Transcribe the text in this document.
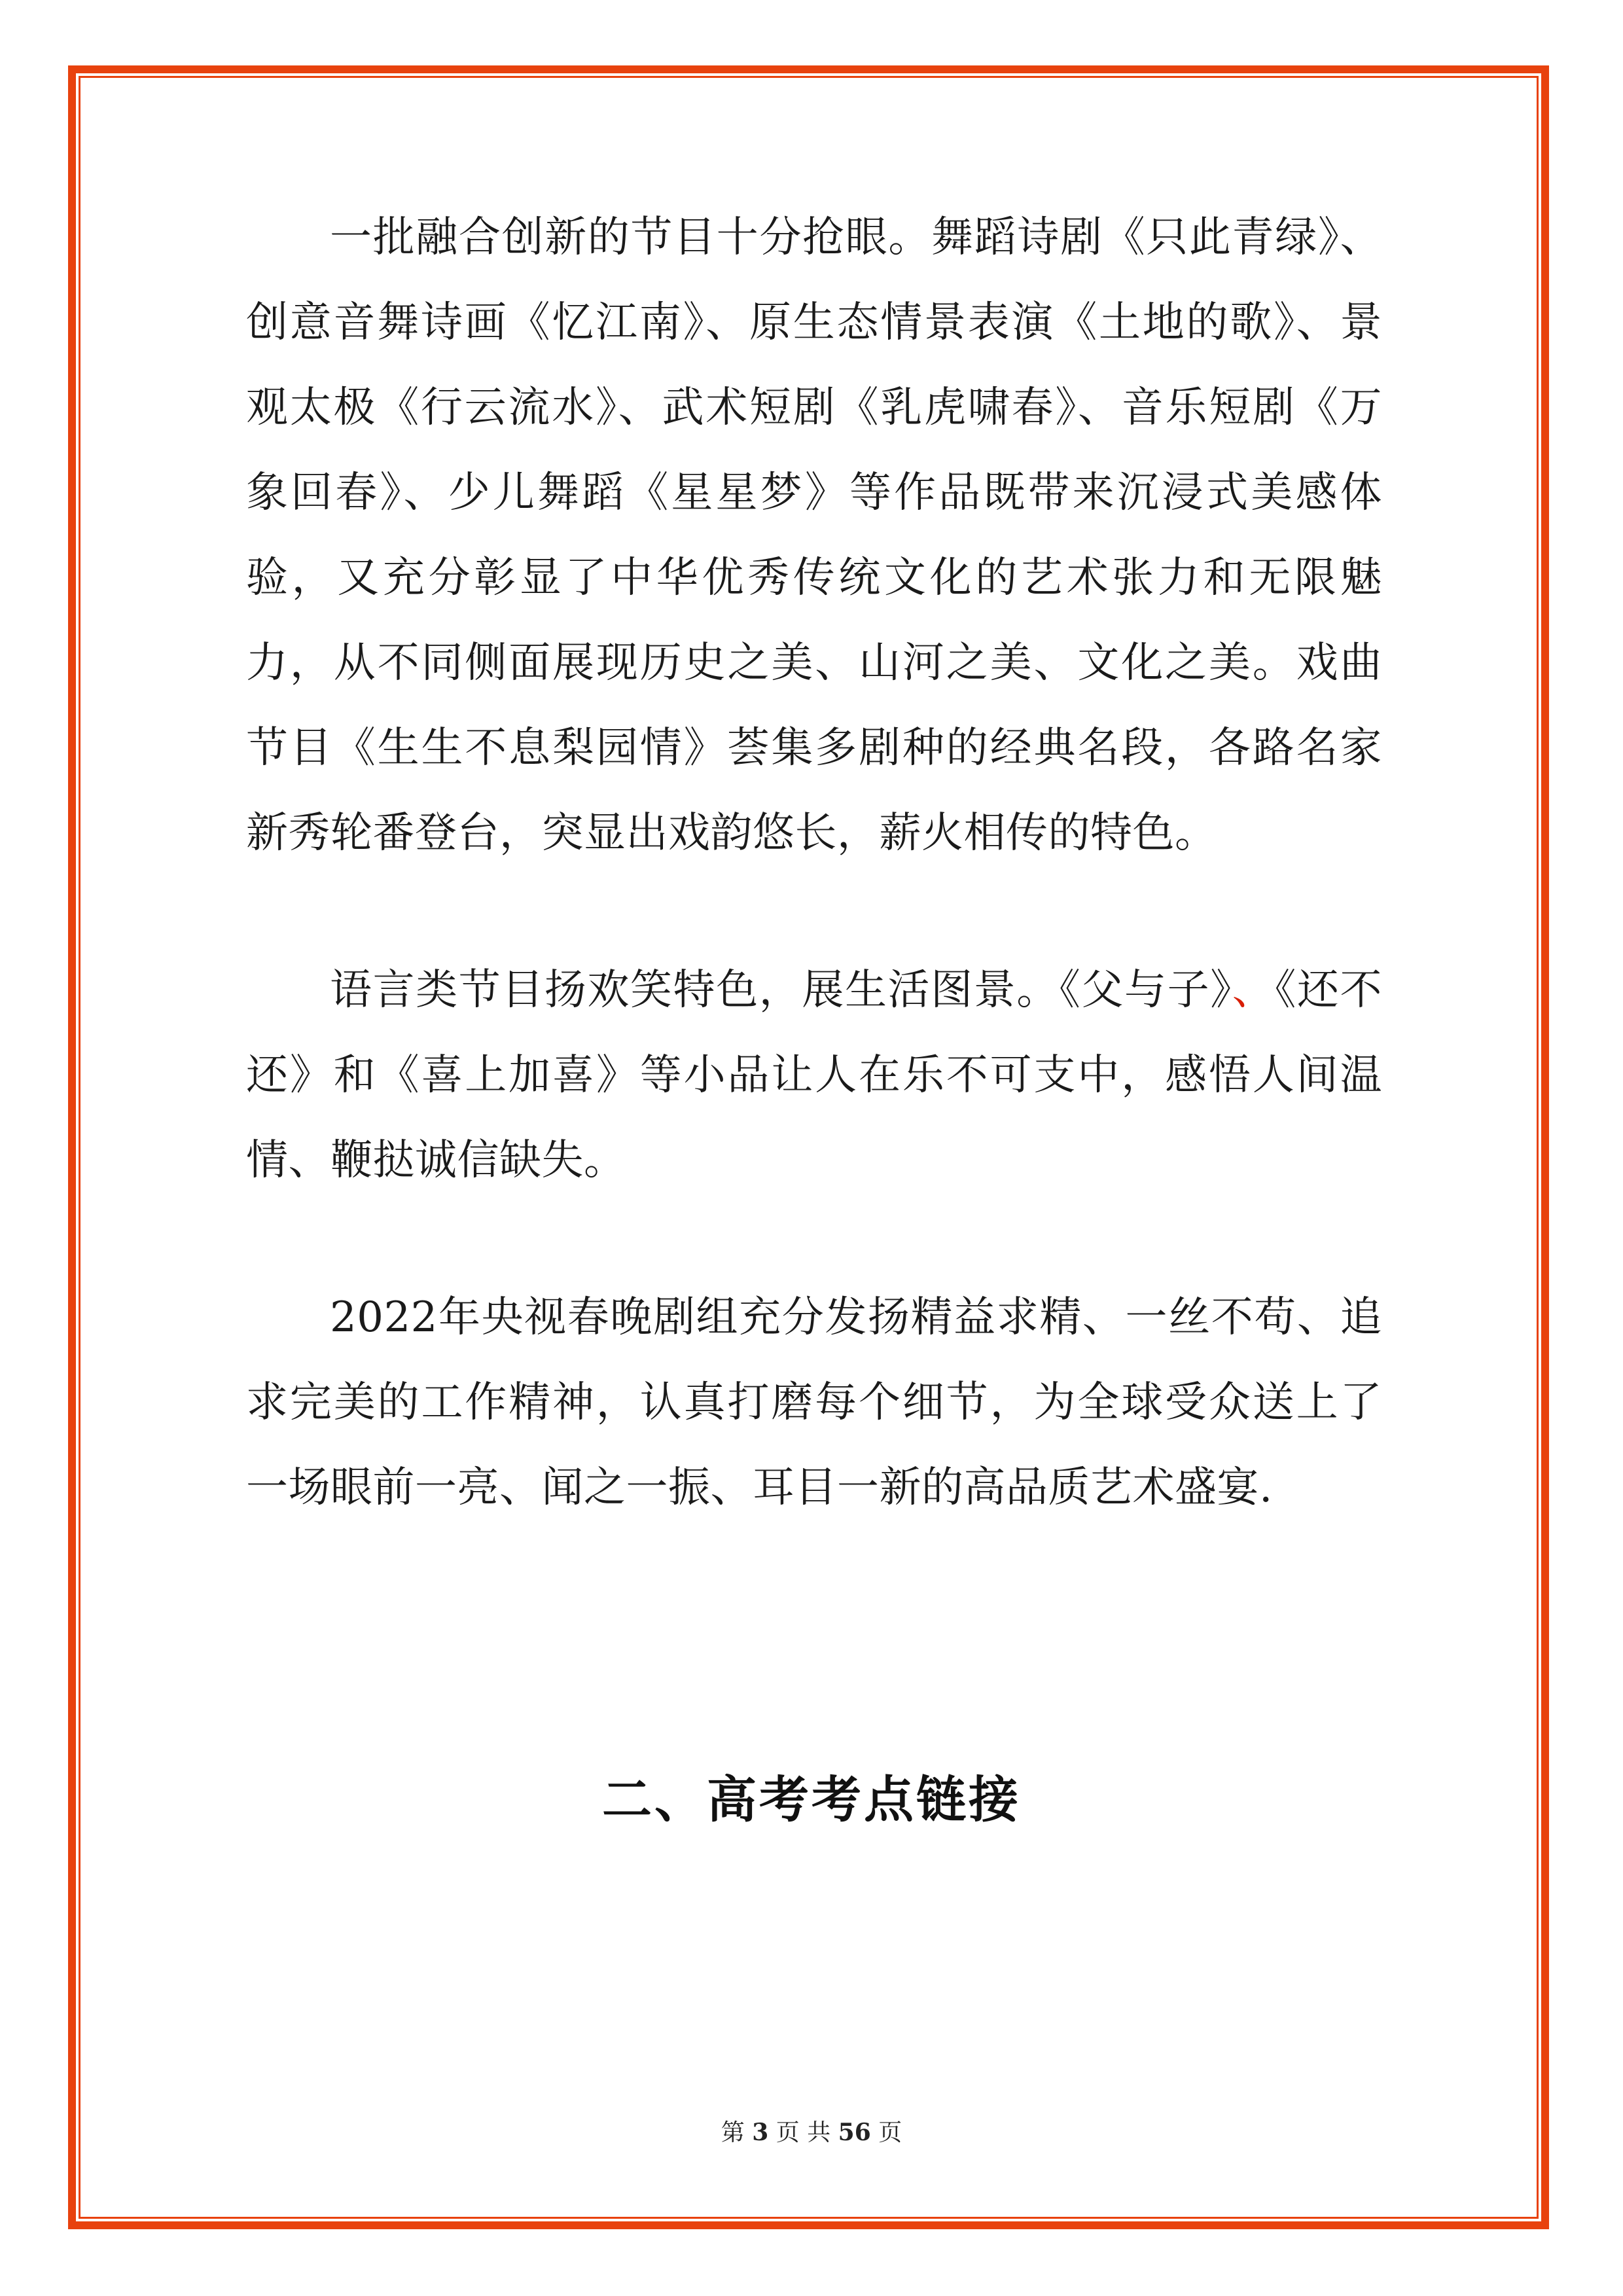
一批融合创新的节目十分抢眼。舞蹈诗剧《只此青绿》、创意音舞诗画《忆江南》、原生态情景表演《土地的歌》、景观太极《行云流水》、武术短剧《乳虎啸春》、音乐短剧《万象回春》、少儿舞蹈《星星梦》等作品既带来沉浸式美感体验，又充分彰显了中华优秀传统文化的艺术张力和无限魅力，从不同侧面展现历史之美、山河之美、文化之美。戏曲节目《生生不息梨园情》荟集多剧种的经典名段，各路名家新秀轮番登台，突显出戏韵悠长，薪火相传的特色。

语言类节目扬欢笑特色，展生活图景。《父与子》、《还不还》和《喜上加喜》等小品让人在乐不可支中，感悟人间温情、鞭挞诚信缺失。

2022年央视春晚剧组充分发扬精益求精、一丝不苟、追求完美的工作精神，认真打磨每个细节，为全球受众送上了一场眼前一亮、闻之一振、耳目一新的高品质艺术盛宴.

二、高考考点链接
第 3 页 共 56 页
